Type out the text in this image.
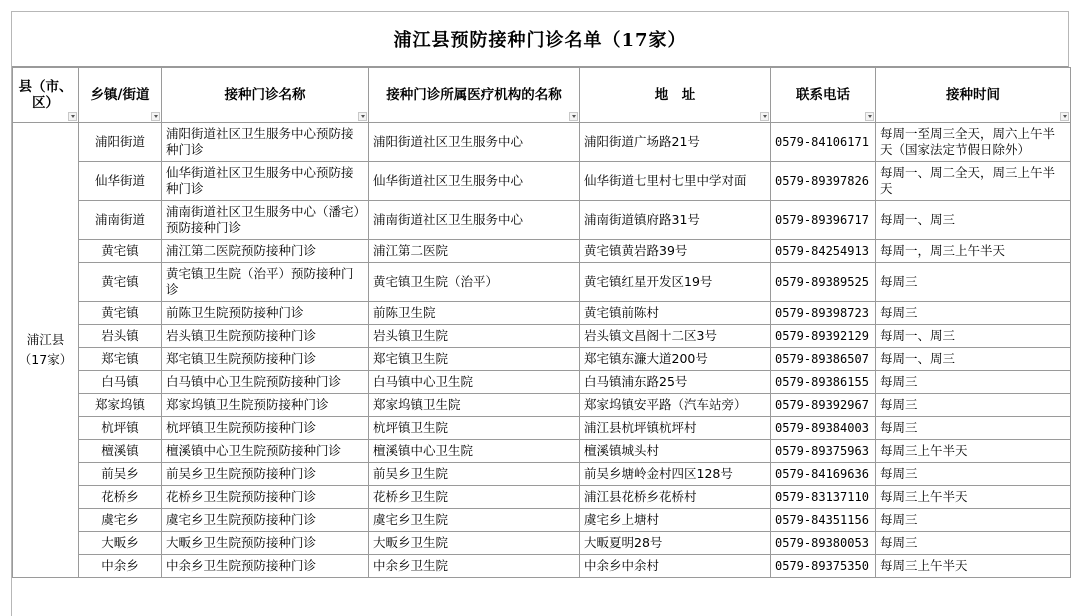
浦江县预防接种门诊名单（17家）
县（市、区）	乡镇/街道	接种门诊名称	接种门诊所属医疗机构的名称	地　址	联系电话	接种时间

浦江县
（17家）	浦阳街道	浦阳街道社区卫生服务中心预防接种门诊	浦阳街道社区卫生服务中心	浦阳街道广场路21号	0579-84106171	每周一至周三全天，周六上午半天（国家法定节假日除外）
	仙华街道	仙华街道社区卫生服务中心预防接种门诊	仙华街道社区卫生服务中心	仙华街道七里村七里中学对面	0579-89397826	每周一、周二全天，周三上午半天
	浦南街道	浦南街道社区卫生服务中心（潘宅）预防接种门诊	浦南街道社区卫生服务中心	浦南街道镇府路31号	0579-89396717	每周一、周三
	黄宅镇	浦江第二医院预防接种门诊	浦江第二医院	黄宅镇黄岩路39号	0579-84254913	每周一，周三上午半天
	黄宅镇	黄宅镇卫生院（治平）预防接种门诊	黄宅镇卫生院（治平）	黄宅镇红星开发区19号	0579-89389525	每周三
	黄宅镇	前陈卫生院预防接种门诊	前陈卫生院	黄宅镇前陈村	0579-89398723	每周三
	岩头镇	岩头镇卫生院预防接种门诊	岩头镇卫生院	岩头镇文昌阁十二区3号	0579-89392129	每周一、周三
	郑宅镇	郑宅镇卫生院预防接种门诊	郑宅镇卫生院	郑宅镇东濂大道200号	0579-89386507	每周一、周三
	白马镇	白马镇中心卫生院预防接种门诊	白马镇中心卫生院	白马镇浦东路25号	0579-89386155	每周三
	郑家坞镇	郑家坞镇卫生院预防接种门诊	郑家坞镇卫生院	郑家坞镇安平路（汽车站旁）	0579-89392967	每周三
	杭坪镇	杭坪镇卫生院预防接种门诊	杭坪镇卫生院	浦江县杭坪镇杭坪村	0579-89384003	每周三
	檀溪镇	檀溪镇中心卫生院预防接种门诊	檀溪镇中心卫生院	檀溪镇城头村	0579-89375963	每周三上午半天
	前吴乡	前吴乡卫生院预防接种门诊	前吴乡卫生院	前吴乡塘岭金村四区128号	0579-84169636	每周三
	花桥乡	花桥乡卫生院预防接种门诊	花桥乡卫生院	浦江县花桥乡花桥村	0579-83137110	每周三上午半天
	虞宅乡	虞宅乡卫生院预防接种门诊	虞宅乡卫生院	虞宅乡上塘村	0579-84351156	每周三
	大畈乡	大畈乡卫生院预防接种门诊	大畈乡卫生院	大畈夏明28号	0579-89380053	每周三
	中余乡	中余乡卫生院预防接种门诊	中余乡卫生院	中余乡中余村	0579-89375350	每周三上午半天
